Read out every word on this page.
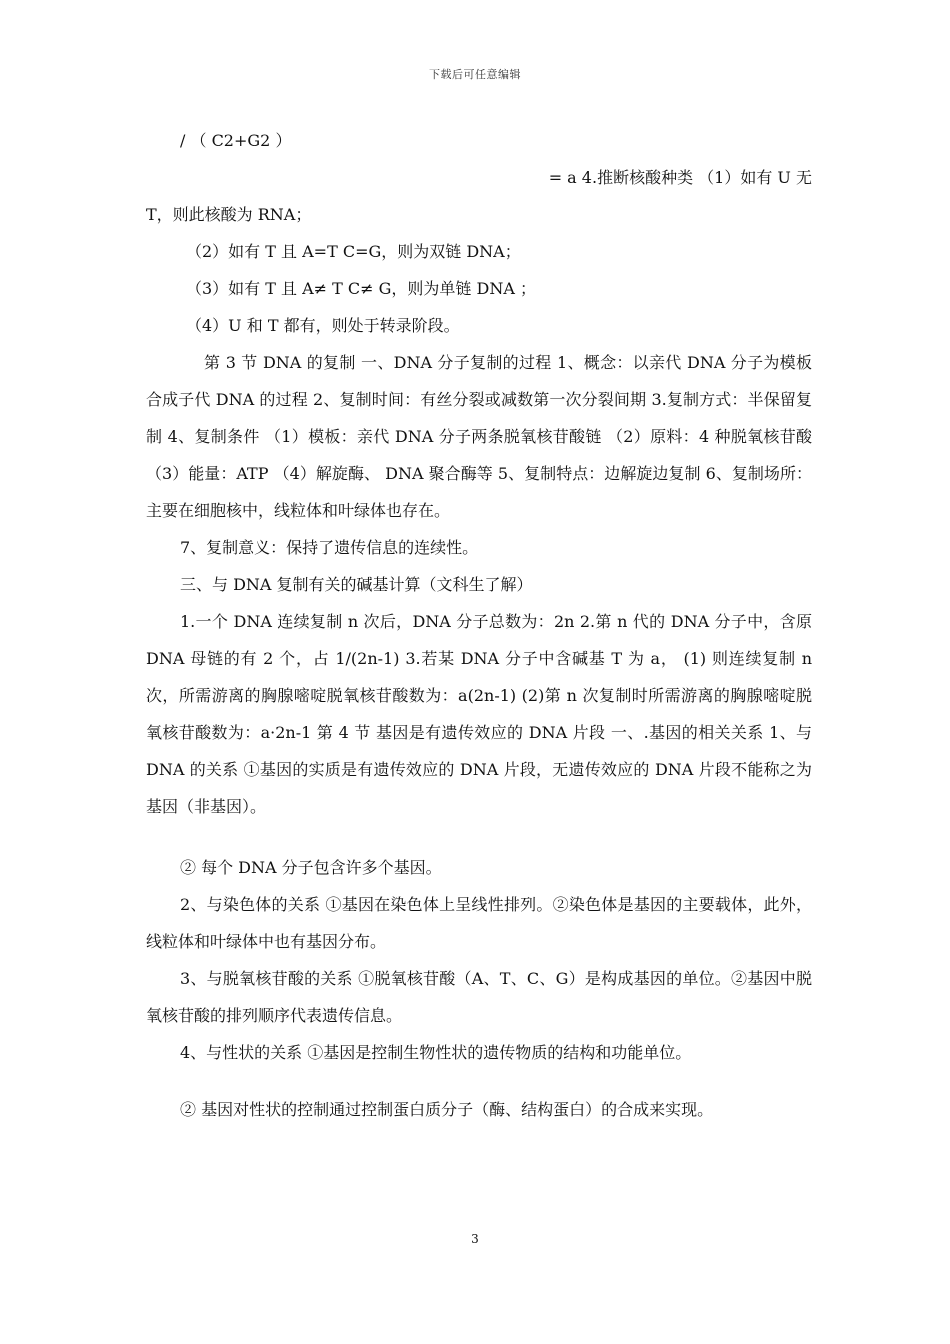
下载后可任意编辑

/ （ C2+G2 ）

= a 4.推断核酸种类 （1）如有 U 无

T，则此核酸为 RNA；

（2）如有 T 且 A=T C=G，则为双链 DNA；

（3）如有 T 且 A≠ T C≠ G，则为单链 DNA ；

（4）U 和 T 都有，则处于转录阶段。

第 3 节 DNA 的复制 一、DNA 分子复制的过程 1、概念：以亲代 DNA 分子为模板合成子代 DNA 的过程 2、复制时间：有丝分裂或减数第一次分裂间期 3.复制方式：半保留复制 4、复制条件 （1）模板：亲代 DNA 分子两条脱氧核苷酸链 （2）原料：4 种脱氧核苷酸 （3）能量：ATP （4）解旋酶、 DNA 聚合酶等 5、复制特点：边解旋边复制 6、复制场所：主要在细胞核中，线粒体和叶绿体也存在。

7、复制意义：保持了遗传信息的连续性。

三、与 DNA 复制有关的碱基计算（文科生了解）

1.一个 DNA 连续复制 n 次后，DNA 分子总数为：2n 2.第 n 代的 DNA 分子中，含原 DNA 母链的有 2 个，占 1/(2n-1) 3.若某 DNA 分子中含碱基 T 为 a， (1) 则连续复制 n 次，所需游离的胸腺嘧啶脱氧核苷酸数为：a(2n-1) (2)第 n 次复制时所需游离的胸腺嘧啶脱氧核苷酸数为：a·2n-1 第 4 节 基因是有遗传效应的 DNA 片段 一、.基因的相关关系 1、与 DNA 的关系 ①基因的实质是有遗传效应的 DNA 片段，无遗传效应的 DNA 片段不能称之为基因（非基因）。

② 每个 DNA 分子包含许多个基因。

2、与染色体的关系 ①基因在染色体上呈线性排列。②染色体是基因的主要载体，此外，线粒体和叶绿体中也有基因分布。

3、与脱氧核苷酸的关系 ①脱氧核苷酸（A、T、C、G）是构成基因的单位。②基因中脱氧核苷酸的排列顺序代表遗传信息。

4、与性状的关系 ①基因是控制生物性状的遗传物质的结构和功能单位。

② 基因对性状的控制通过控制蛋白质分子（酶、结构蛋白）的合成来实现。

3
